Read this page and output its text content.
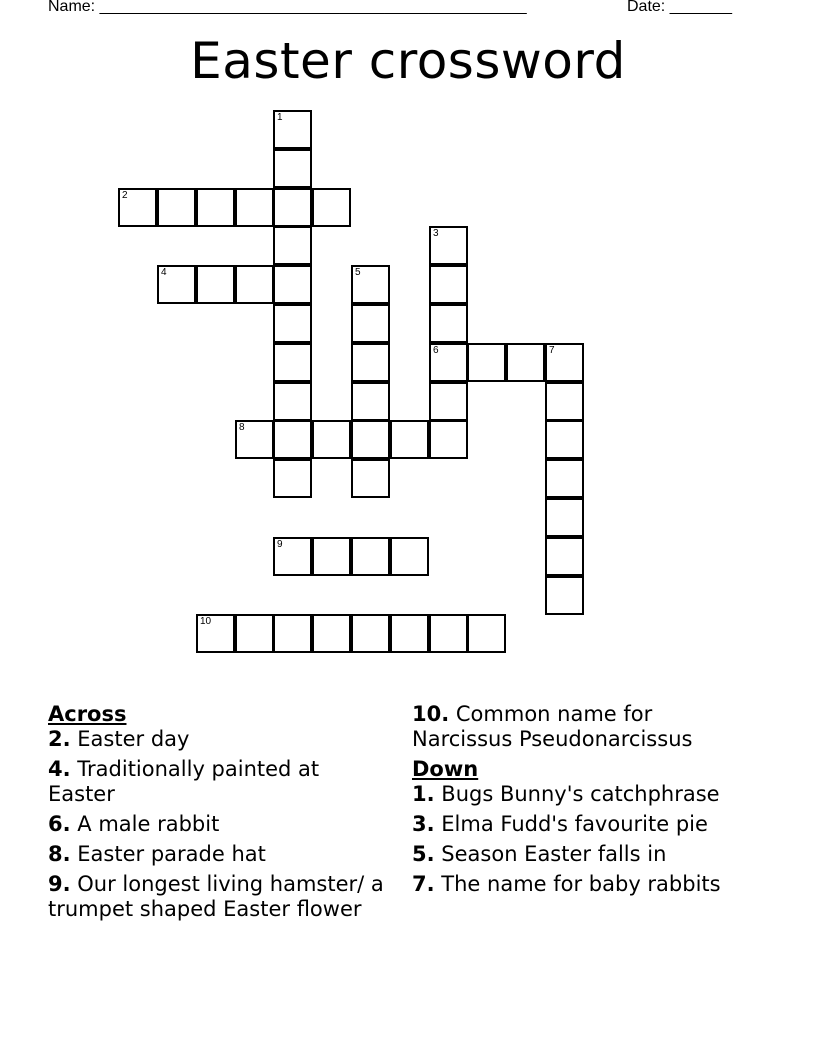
Name: ________________________________________________	Date: _______
Easter crossword
1
2
3
4	5
6	7
8
9
10
Across
2. Easter day
4. Traditionally painted at Easter
6. A male rabbit
8. Easter parade hat
9. Our longest living hamster/ a trumpet shaped Easter flower
10. Common name for Narcissus Pseudonarcissus
Down
1. Bugs Bunny's catchphrase
3. Elma Fudd's favourite pie
5. Season Easter falls in
7. The name for baby rabbits
